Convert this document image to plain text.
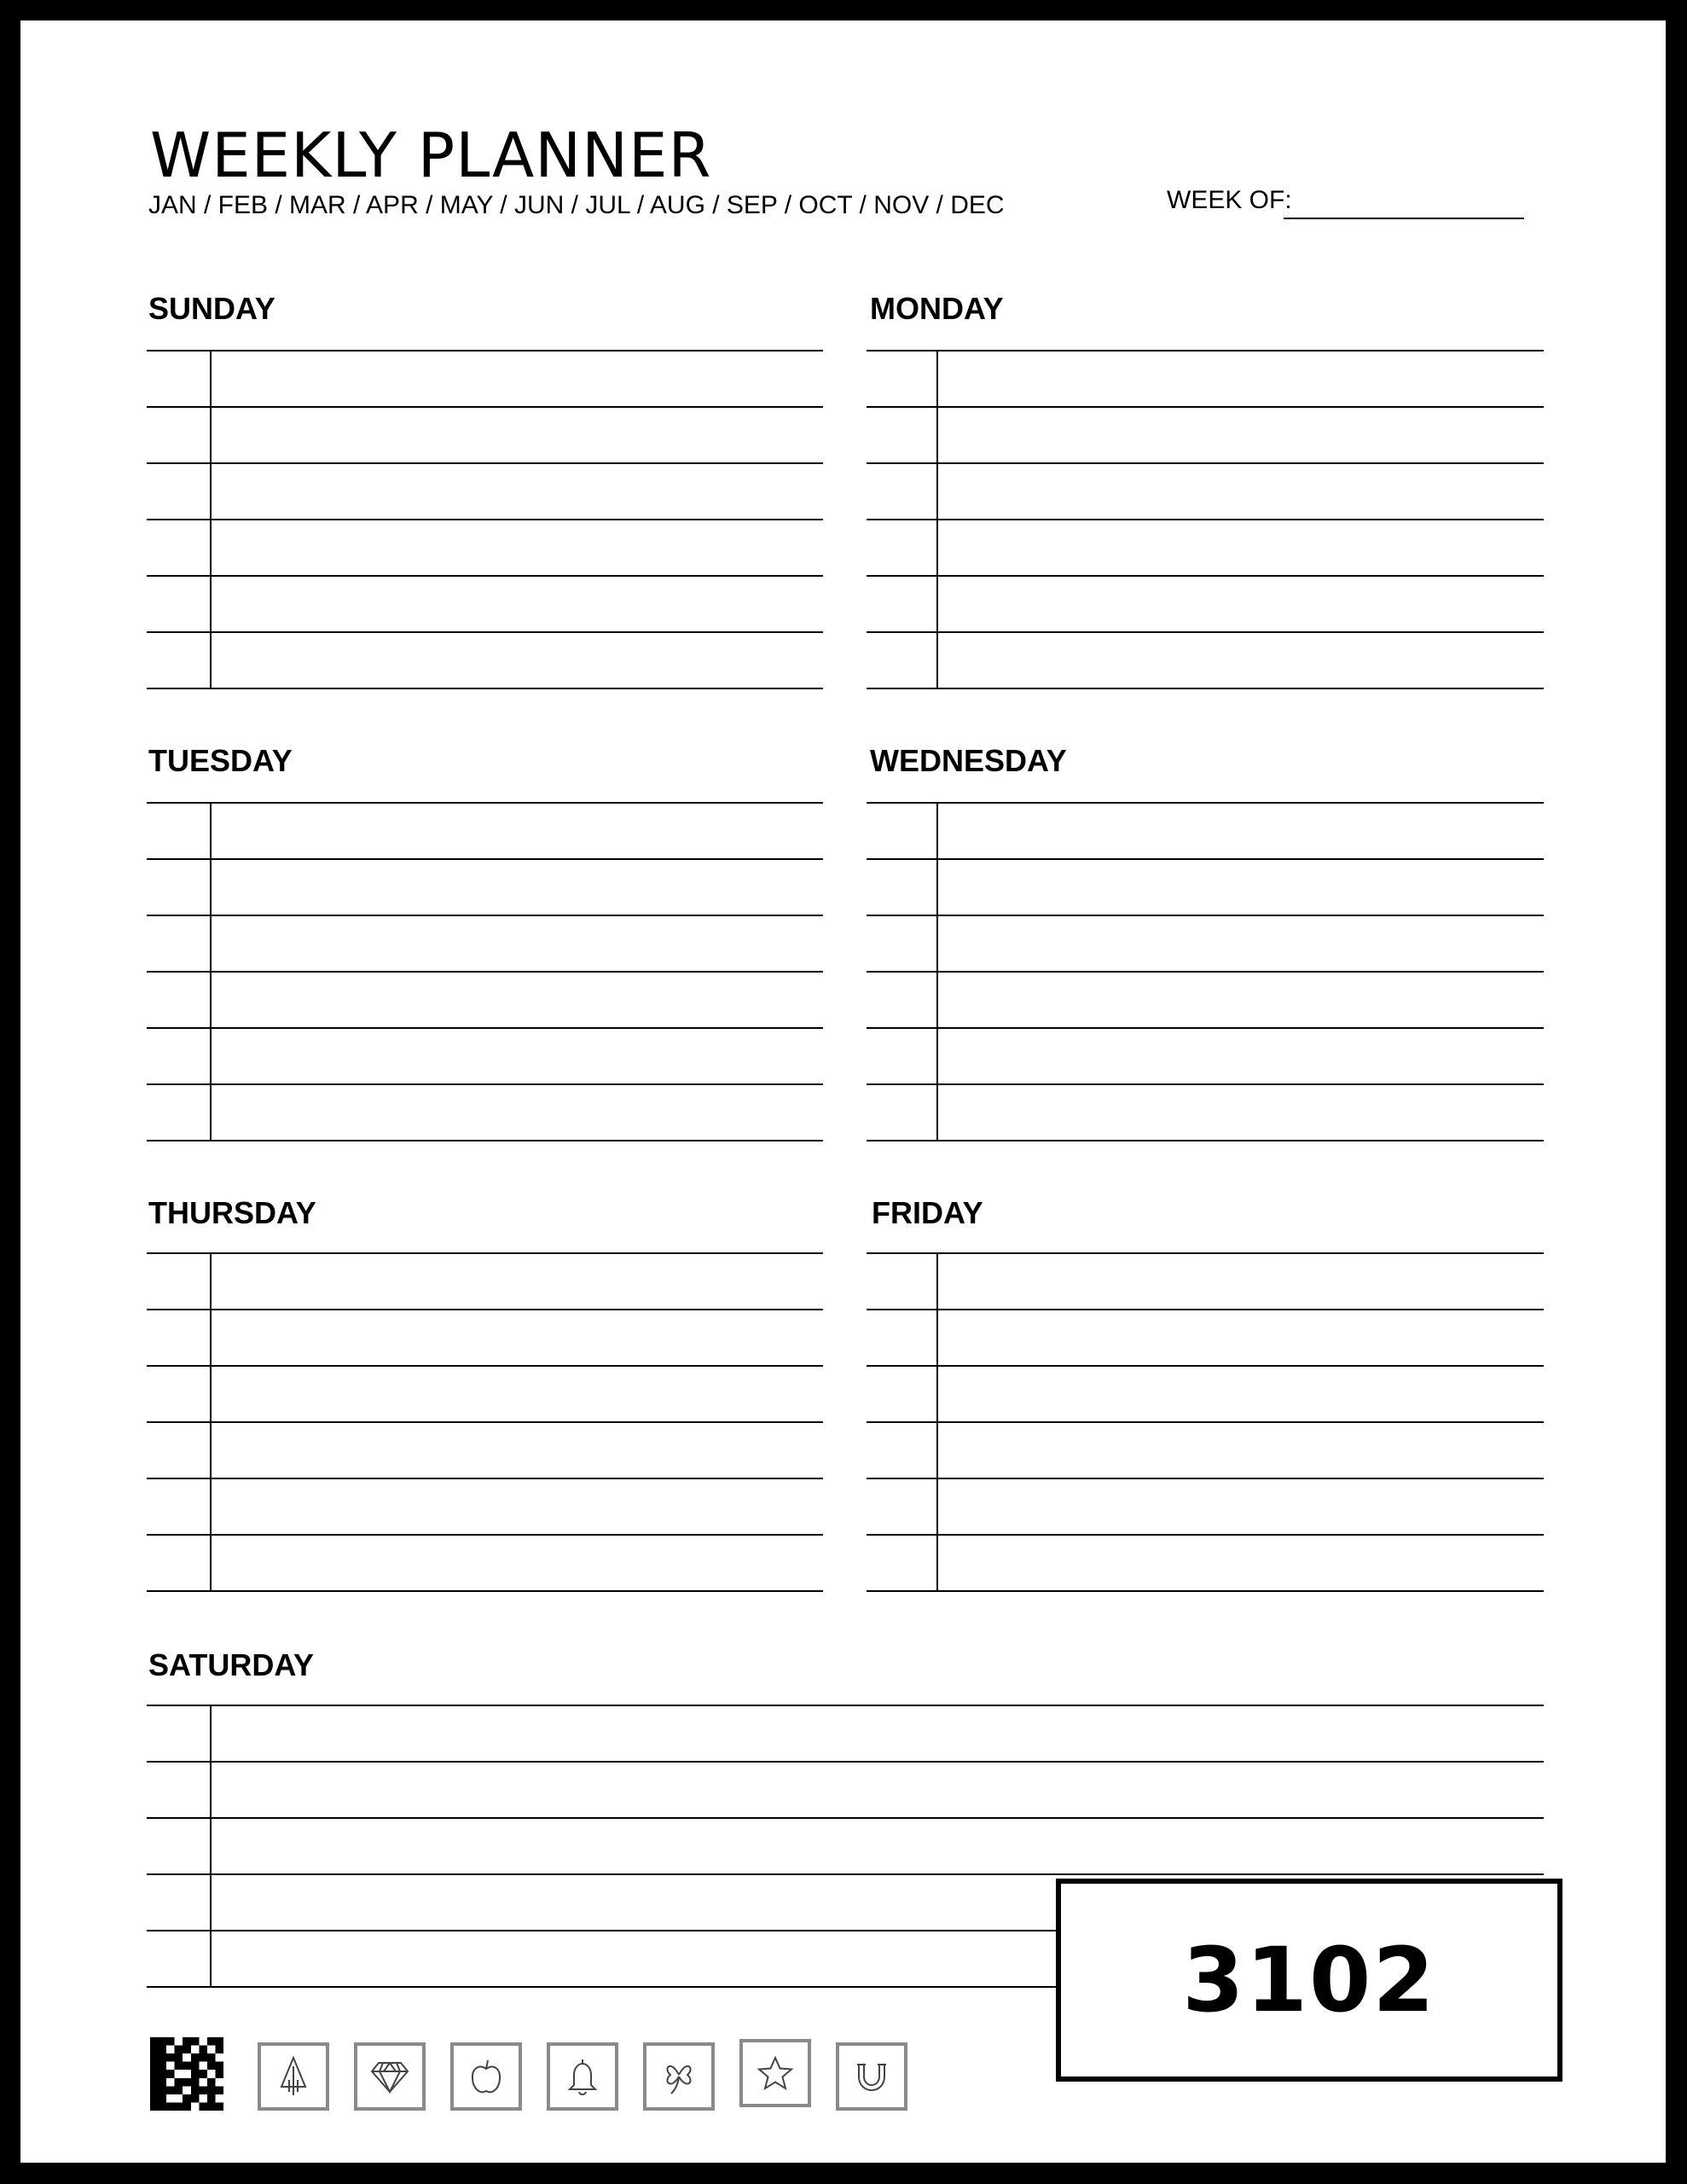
WEEKLY PLANNER
JAN / FEB / MAR / APR / MAY / JUN / JUL / AUG / SEP / OCT / NOV / DEC	WEEK OF:
SUNDAY	MONDAY
TUESDAY	WEDNESDAY
THURSDAY	FRIDAY
SATURDAY
3102
